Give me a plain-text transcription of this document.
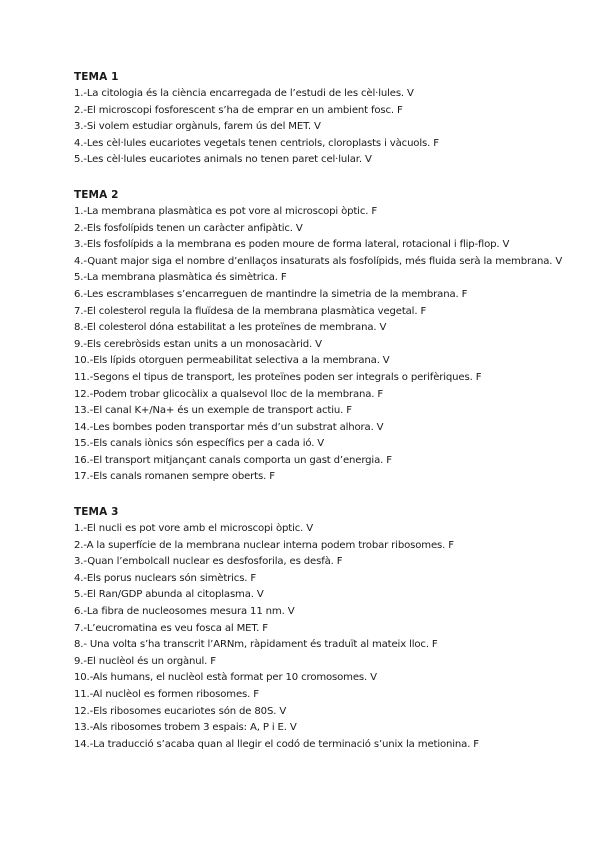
TEMA 1
1.-La citologia és la ciència encarregada de l’estudi de les cèl·lules. V
2.-El microscopi fosforescent s’ha de emprar en un ambient fosc. F
3.-Si volem estudiar orgànuls, farem ús del MET. V
4.-Les cèl·lules eucariotes vegetals tenen centriols, cloroplasts i vàcuols. F
5.-Les cèl·lules eucariotes animals no tenen paret cel·lular. V
TEMA 2
1.-La membrana plasmàtica es pot vore al microscopi òptic. F
2.-Els fosfolípids tenen un caràcter anfipàtic. V
3.-Els fosfolípids a la membrana es poden moure de forma lateral, rotacional i flip-flop. V
4.-Quant major siga el nombre d’enllaços insaturats als fosfolípids, més fluida serà la membrana. V
5.-La membrana plasmàtica és simètrica. F
6.-Les escramblases s’encarreguen de mantindre la simetria de la membrana. F
7.-El colesterol regula la fluïdesa de la membrana plasmàtica vegetal. F
8.-El colesterol dóna estabilitat a les proteïnes de membrana. V
9.-Els cerebròsids estan units a un monosacàrid. V
10.-Els lípids otorguen permeabilitat selectiva a la membrana. V
11.-Segons el tipus de transport, les proteïnes poden ser integrals o perifèriques. F
12.-Podem trobar glicocàlix a qualsevol lloc de la membrana. F
13.-El canal K+/Na+ és un exemple de transport actiu. F
14.-Les bombes poden transportar més d’un substrat alhora. V
15.-Els canals iònics són específics per a cada ió. V
16.-El transport mitjançant canals comporta un gast d’energia. F
17.-Els canals romanen sempre oberts. F
TEMA 3
1.-El nucli es pot vore amb el microscopi òptic. V
2.-A la superfície de la membrana nuclear interna podem trobar ribosomes. F
3.-Quan l’embolcall nuclear es desfosforila, es desfà. F
4.-Els porus nuclears són simètrics. F
5.-El Ran/GDP abunda al citoplasma. V
6.-La fibra de nucleosomes mesura 11 nm. V
7.-L’eucromatina es veu fosca al MET. F
8.- Una volta s’ha transcrit l’ARNm, ràpidament és traduït al mateix lloc. F
9.-El nuclèol és un orgànul. F
10.-Als humans, el nuclèol està format per 10 cromosomes. V
11.-Al nuclèol es formen ribosomes. F
12.-Els ribosomes eucariotes són de 80S. V
13.-Als ribosomes trobem 3 espais: A, P i E. V
14.-La traducció s’acaba quan al llegir el codó de terminació s’unix la metionina. F
